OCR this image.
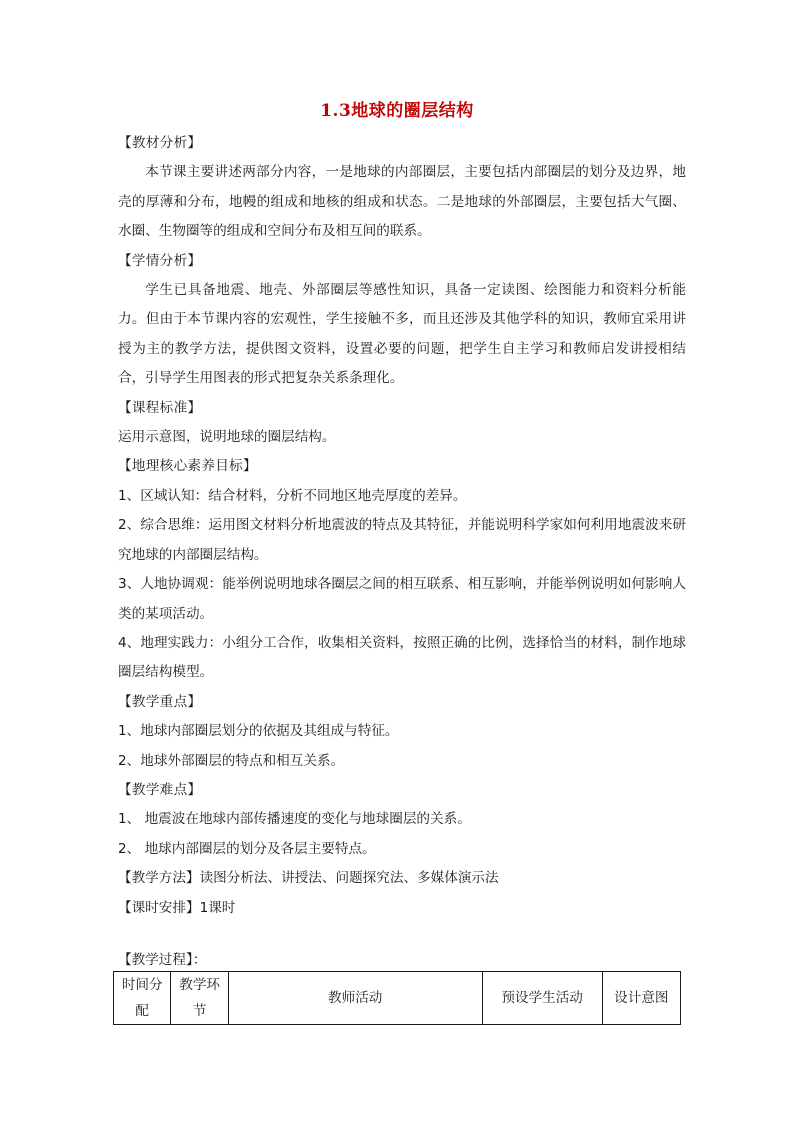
1.3地球的圈层结构

【教材分析】

本节课主要讲述两部分内容，一是地球的内部圈层，主要包括内部圈层的划分及边界，地壳的厚薄和分布，地幔的组成和地核的组成和状态。二是地球的外部圈层，主要包括大气圈、水圈、生物圈等的组成和空间分布及相互间的联系。

【学情分析】

学生已具备地震、地壳、外部圈层等感性知识，具备一定读图、绘图能力和资料分析能力。但由于本节课内容的宏观性，学生接触不多，而且还涉及其他学科的知识，教师宜采用讲授为主的教学方法，提供图文资料，设置必要的问题，把学生自主学习和教师启发讲授相结合，引导学生用图表的形式把复杂关系条理化。

【课程标准】

运用示意图，说明地球的圈层结构。

【地理核心素养目标】

1、区域认知：结合材料，分析不同地区地壳厚度的差异。

2、综合思维：运用图文材料分析地震波的特点及其特征，并能说明科学家如何利用地震波来研究地球的内部圈层结构。

3、人地协调观：能举例说明地球各圈层之间的相互联系、相互影响，并能举例说明如何影响人类的某项活动。

4、地理实践力：小组分工合作，收集相关资料，按照正确的比例，选择恰当的材料，制作地球圈层结构模型。

【教学重点】

1、地球内部圈层划分的依据及其组成与特征。

2、地球外部圈层的特点和相互关系。

【教学难点】

1、 地震波在地球内部传播速度的变化与地球圈层的关系。

2、 地球内部圈层的划分及各层主要特点。

【教学方法】读图分析法、讲授法、问题探究法、多媒体演示法

【课时安排】1课时

【教学过程】：
时间分配	教学环节	教师活动	预设学生活动	设计意图
